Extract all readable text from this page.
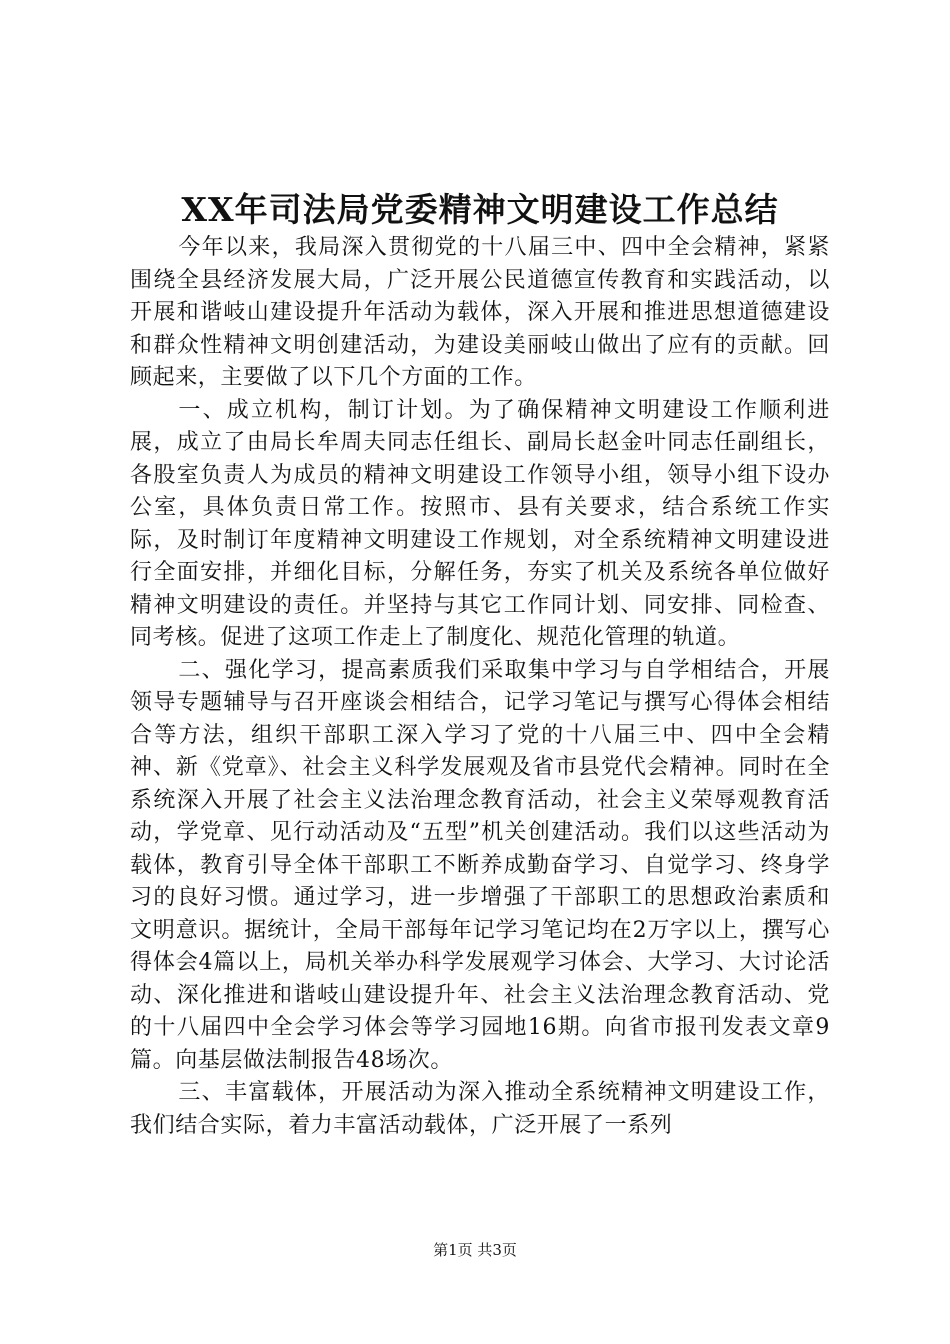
XX年司法局党委精神文明建设工作总结

今年以来，我局深入贯彻党的十八届三中、四中全会精神，紧紧围绕全县经济发展大局，广泛开展公民道德宣传教育和实践活动，以开展和谐岐山建设提升年活动为载体，深入开展和推进思想道德建设和群众性精神文明创建活动，为建设美丽岐山做出了应有的贡献。回顾起来，主要做了以下几个方面的工作。

一、成立机构，制订计划。为了确保精神文明建设工作顺利进展，成立了由局长牟周夫同志任组长、副局长赵金叶同志任副组长，各股室负责人为成员的精神文明建设工作领导小组，领导小组下设办公室，具体负责日常工作。按照市、县有关要求，结合系统工作实际，及时制订年度精神文明建设工作规划，对全系统精神文明建设进行全面安排，并细化目标，分解任务，夯实了机关及系统各单位做好精神文明建设的责任。并坚持与其它工作同计划、同安排、同检查、同考核。促进了这项工作走上了制度化、规范化管理的轨道。

二、强化学习，提高素质我们采取集中学习与自学相结合，开展领导专题辅导与召开座谈会相结合，记学习笔记与撰写心得体会相结合等方法，组织干部职工深入学习了党的十八届三中、四中全会精神、新《党章》、社会主义科学发展观及省市县党代会精神。同时在全系统深入开展了社会主义法治理念教育活动，社会主义荣辱观教育活动，学党章、见行动活动及“五型”机关创建活动。我们以这些活动为载体，教育引导全体干部职工不断养成勤奋学习、自觉学习、终身学习的良好习惯。通过学习，进一步增强了干部职工的思想政治素质和文明意识。据统计，全局干部每年记学习笔记均在2万字以上，撰写心得体会4篇以上，局机关举办科学发展观学习体会、大学习、大讨论活动、深化推进和谐岐山建设提升年、社会主义法治理念教育活动、党的十八届四中全会学习体会等学习园地16期。向省市报刊发表文章9篇。向基层做法制报告48场次。

三、丰富载体，开展活动为深入推动全系统精神文明建设工作，我们结合实际，着力丰富活动载体，广泛开展了一系列

第1页 共3页
